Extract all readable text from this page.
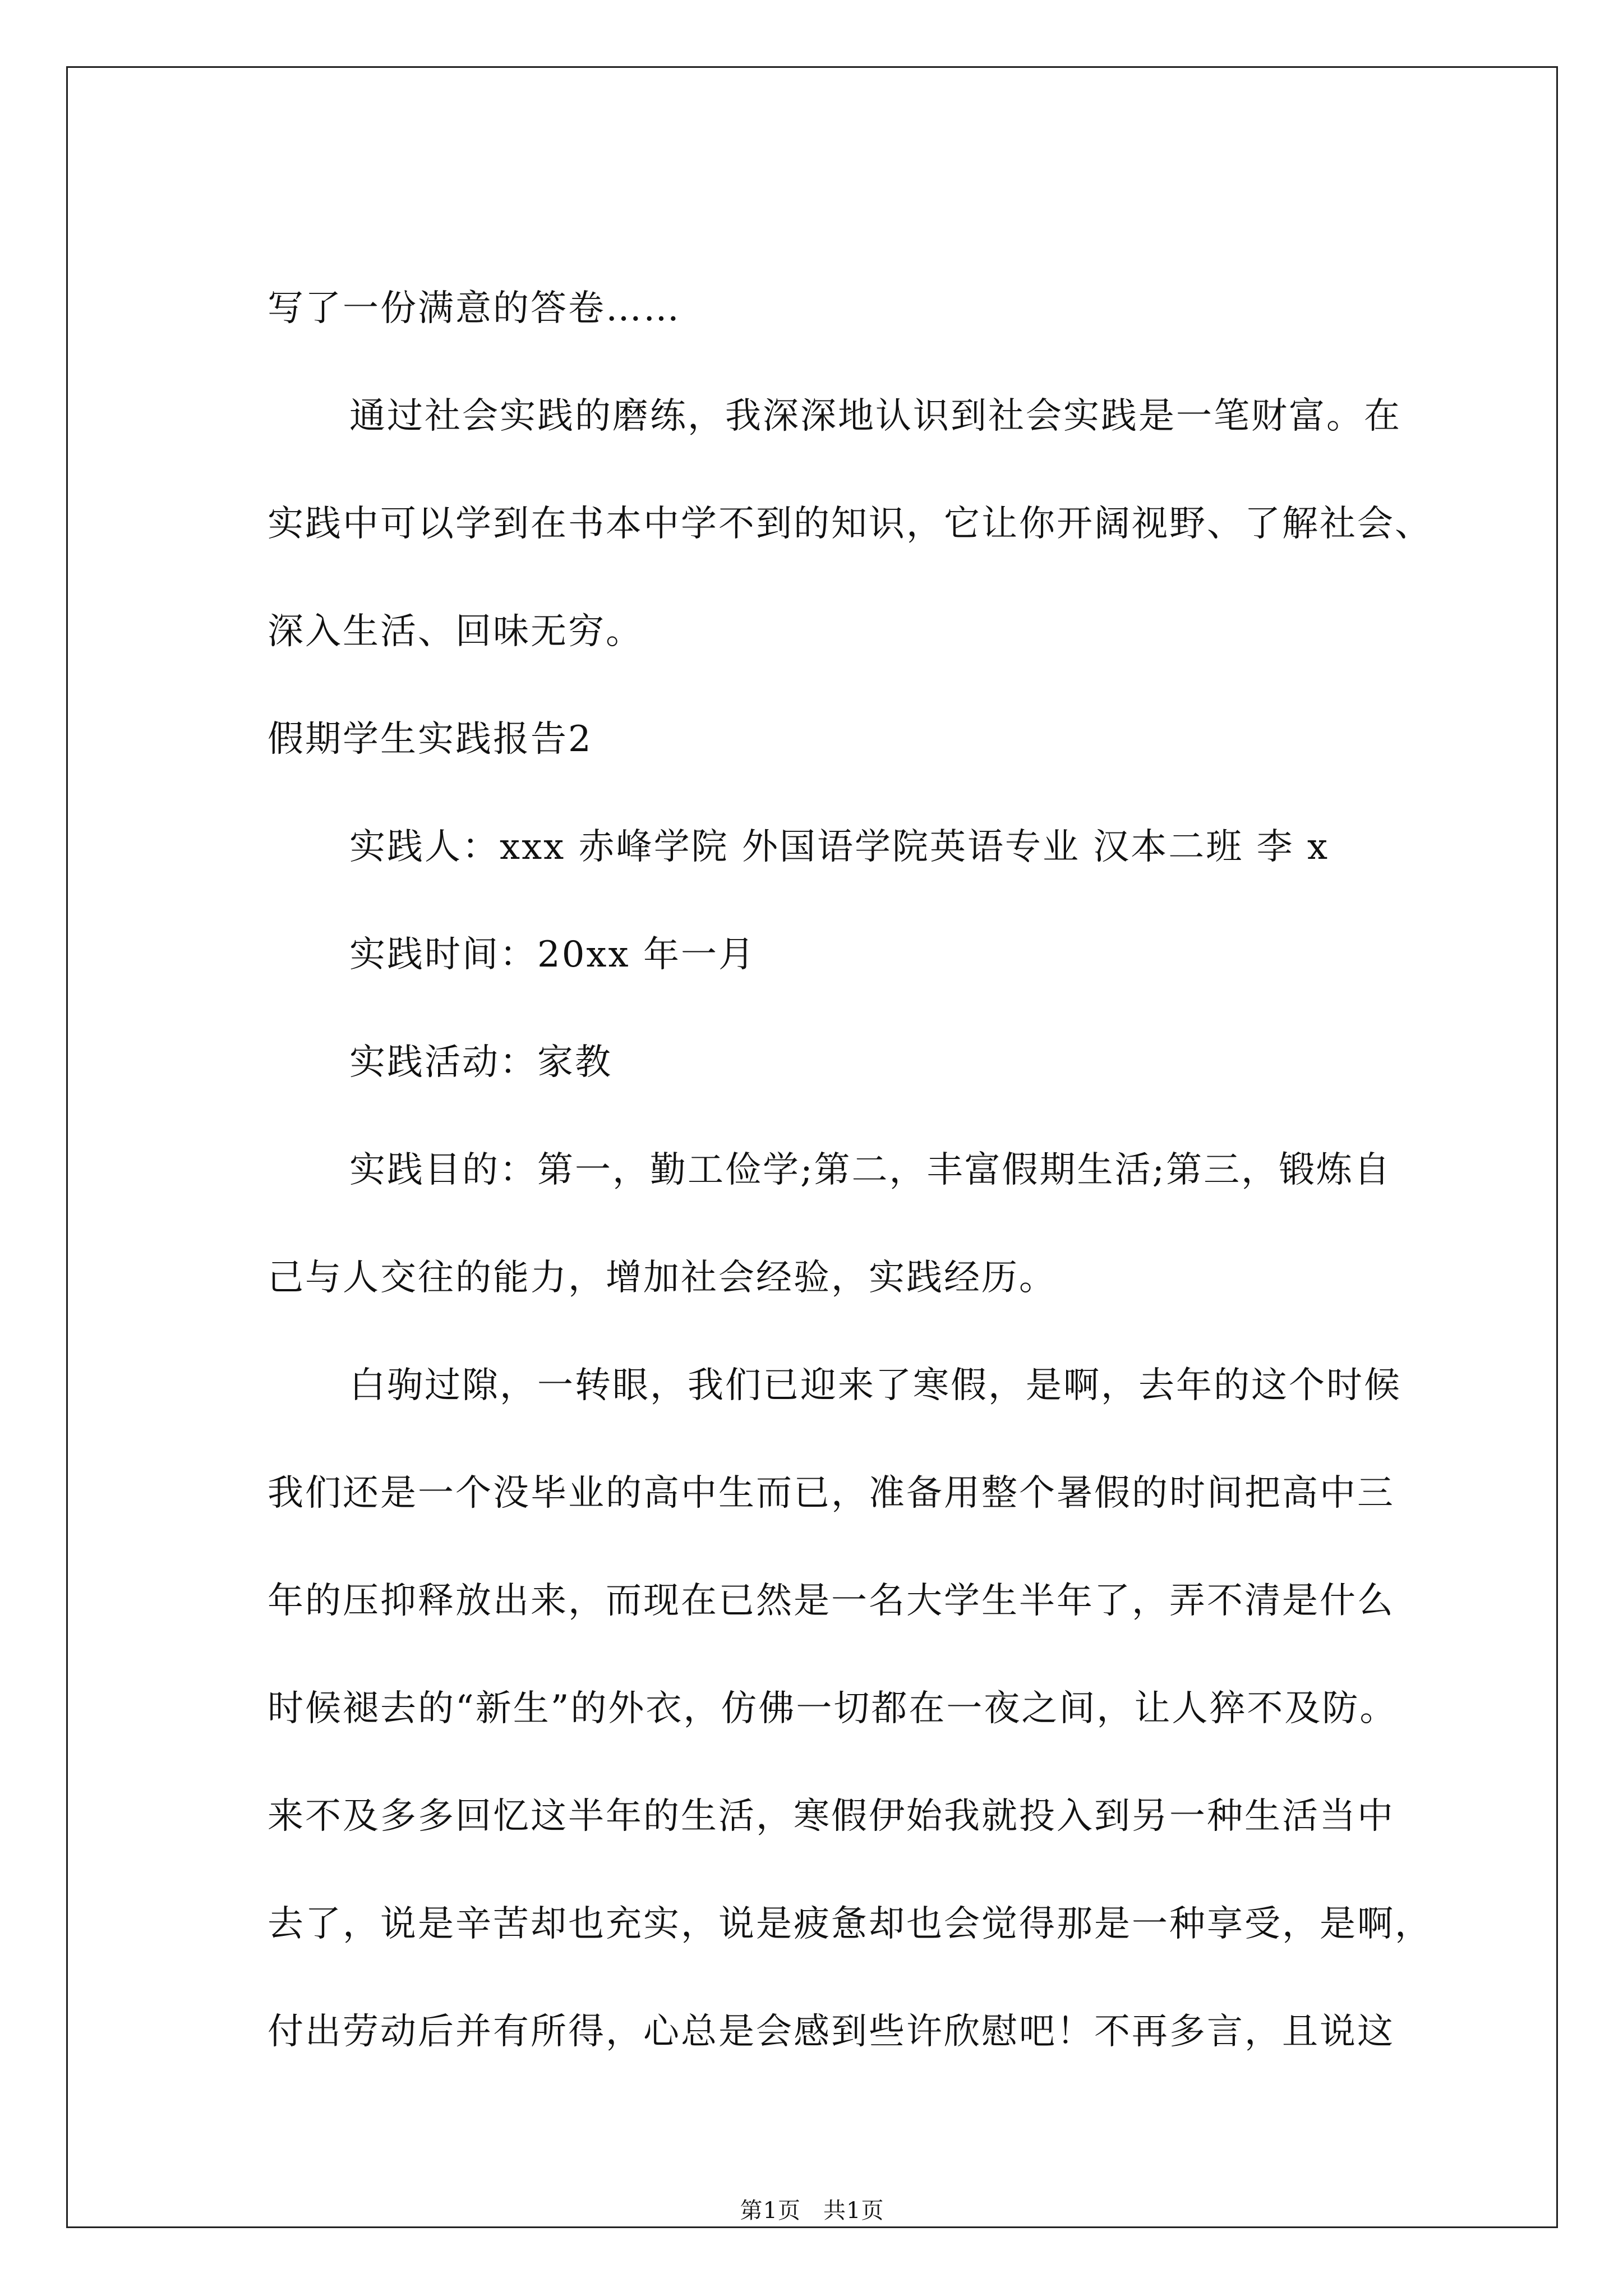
写了一份满意的答卷……
通过社会实践的磨练，我深深地认识到社会实践是一笔财富。在
实践中可以学到在书本中学不到的知识，它让你开阔视野、了解社会、
深入生活、回味无穷。
假期学生实践报告2
实践人：xxx 赤峰学院 外国语学院英语专业 汉本二班 李 x
实践时间：20xx 年一月
实践活动：家教
实践目的：第一，勤工俭学;第二，丰富假期生活;第三，锻炼自
己与人交往的能力，增加社会经验，实践经历。
白驹过隙，一转眼，我们已迎来了寒假，是啊，去年的这个时候
我们还是一个没毕业的高中生而已，准备用整个暑假的时间把高中三
年的压抑释放出来，而现在已然是一名大学生半年了，弄不清是什么
时候褪去的“新生”的外衣，仿佛一切都在一夜之间，让人猝不及防。
来不及多多回忆这半年的生活，寒假伊始我就投入到另一种生活当中
去了，说是辛苦却也充实，说是疲惫却也会觉得那是一种享受，是啊，
付出劳动后并有所得，心总是会感到些许欣慰吧！不再多言，且说这
第1页 共1页
